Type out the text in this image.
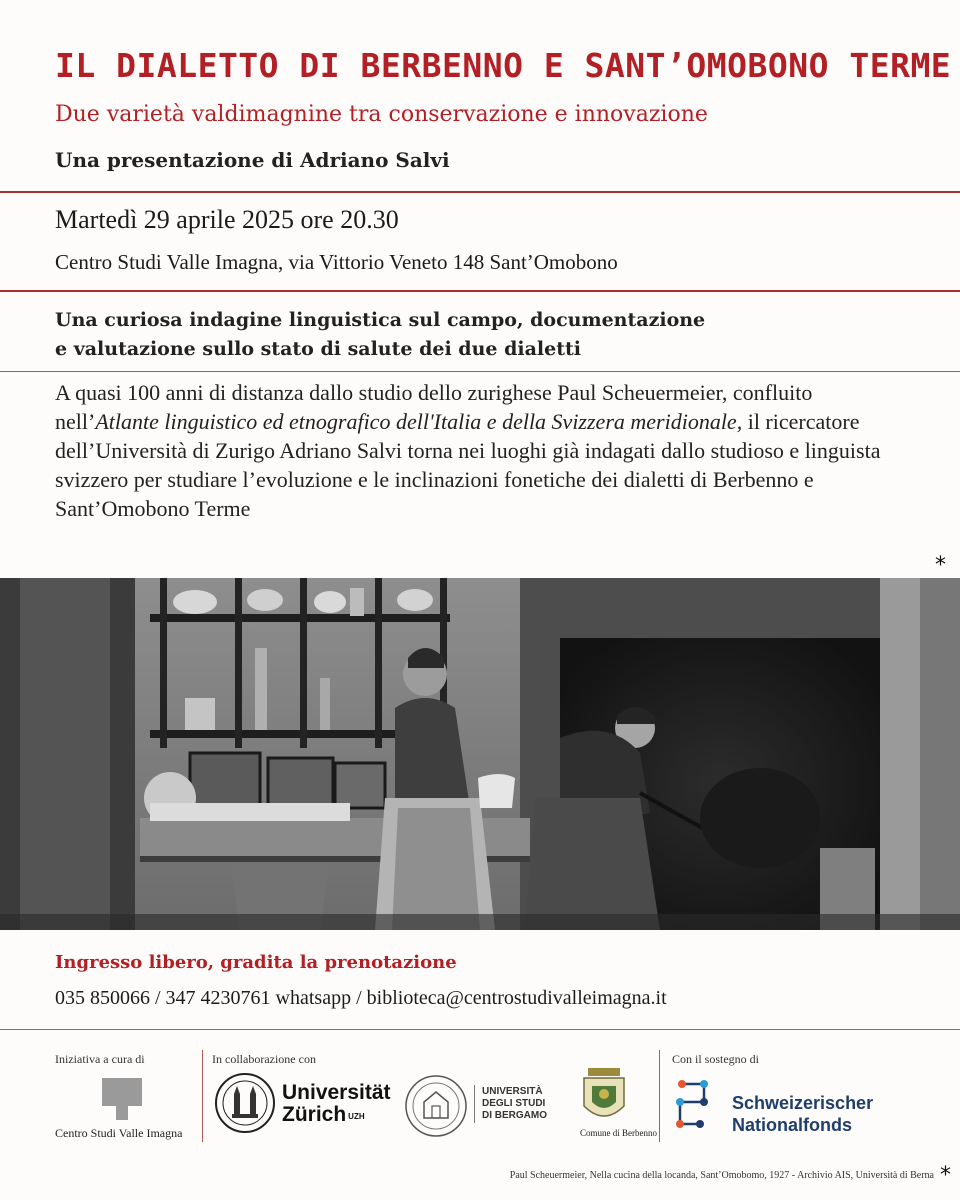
IL DIALETTO DI BERBENNO E SANT’OMOBONO TERME
Due varietà valdimagnine tra conservazione e innovazione
Una presentazione di Adriano Salvi
Martedì 29 aprile 2025 ore 20.30
Centro Studi Valle Imagna, via Vittorio Veneto 148 Sant’Omobono
Una curiosa indagine linguistica sul campo, documentazione
e valutazione sullo stato di salute dei due dialetti
A quasi 100 anni di distanza dallo studio dello zurighese Paul Scheuermeier, confluito nell’Atlante linguistico ed etnografico dell'Italia e della Svizzera meridionale, il ricercatore dell’Università di Zurigo Adriano Salvi torna nei luoghi già indagati dallo studioso e linguista svizzero per studiare l’evoluzione e le inclinazioni fonetiche dei dialetti di Berbenno e Sant’Omobono Terme
*
Ingresso libero, gradita la prenotazione
035 850066 / 347 4230761 whatsapp / biblioteca@centrostudivalleimagna.it
Iniziativa a cura di
Centro Studi Valle Imagna
In collaborazione con
Universität
Zürich $^{UZH}$
UNIVERSITÀ
DEGLI STUDI
DI BERGAMO
Comune di Berbenno
Con il sostegno di
Schweizerischer
Nationalfonds
Paul Scheuermeier, Nella cucina della locanda, Sant’Omobomo, 1927 - Archivio AIS, Università di Berna *
